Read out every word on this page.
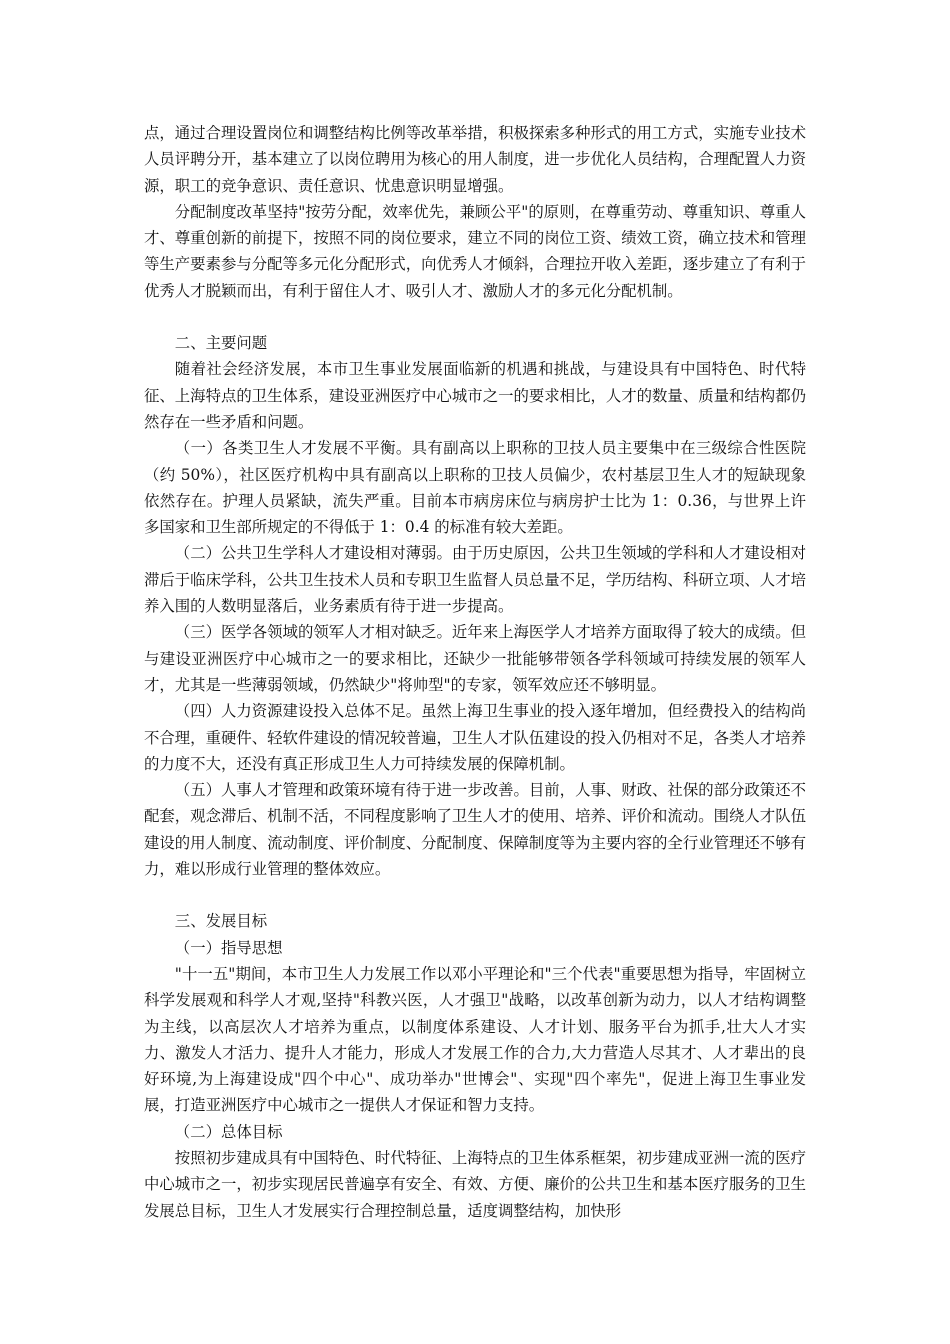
点，通过合理设置岗位和调整结构比例等改革举措，积极探索多种形式的用工方式，实施专业技术人员评聘分开，基本建立了以岗位聘用为核心的用人制度，进一步优化人员结构，合理配置人力资源，职工的竞争意识、责任意识、忧患意识明显增强。

分配制度改革坚持"按劳分配，效率优先，兼顾公平"的原则，在尊重劳动、尊重知识、尊重人才、尊重创新的前提下，按照不同的岗位要求，建立不同的岗位工资、绩效工资，确立技术和管理等生产要素参与分配等多元化分配形式，向优秀人才倾斜，合理拉开收入差距，逐步建立了有利于优秀人才脱颖而出，有利于留住人才、吸引人才、激励人才的多元化分配机制。

二、主要问题

随着社会经济发展，本市卫生事业发展面临新的机遇和挑战，与建设具有中国特色、时代特征、上海特点的卫生体系，建设亚洲医疗中心城市之一的要求相比，人才的数量、质量和结构都仍然存在一些矛盾和问题。

（一）各类卫生人才发展不平衡。具有副高以上职称的卫技人员主要集中在三级综合性医院（约 50%），社区医疗机构中具有副高以上职称的卫技人员偏少，农村基层卫生人才的短缺现象依然存在。护理人员紧缺，流失严重。目前本市病房床位与病房护士比为 1：0.36，与世界上许多国家和卫生部所规定的不得低于 1：0.4 的标准有较大差距。

（二）公共卫生学科人才建设相对薄弱。由于历史原因，公共卫生领域的学科和人才建设相对滞后于临床学科，公共卫生技术人员和专职卫生监督人员总量不足，学历结构、科研立项、人才培养入围的人数明显落后，业务素质有待于进一步提高。

（三）医学各领域的领军人才相对缺乏。近年来上海医学人才培养方面取得了较大的成绩。但与建设亚洲医疗中心城市之一的要求相比，还缺少一批能够带领各学科领域可持续发展的领军人才，尤其是一些薄弱领域，仍然缺少"将帅型"的专家，领军效应还不够明显。

（四）人力资源建设投入总体不足。虽然上海卫生事业的投入逐年增加，但经费投入的结构尚不合理，重硬件、轻软件建设的情况较普遍，卫生人才队伍建设的投入仍相对不足，各类人才培养的力度不大，还没有真正形成卫生人力可持续发展的保障机制。

（五）人事人才管理和政策环境有待于进一步改善。目前，人事、财政、社保的部分政策还不配套，观念滞后、机制不活，不同程度影响了卫生人才的使用、培养、评价和流动。围绕人才队伍建设的用人制度、流动制度、评价制度、分配制度、保障制度等为主要内容的全行业管理还不够有力，难以形成行业管理的整体效应。

三、发展目标

（一）指导思想

"十一五"期间，本市卫生人力发展工作以邓小平理论和"三个代表"重要思想为指导，牢固树立科学发展观和科学人才观,坚持"科教兴医，人才强卫"战略，以改革创新为动力，以人才结构调整为主线，以高层次人才培养为重点，以制度体系建设、人才计划、服务平台为抓手,壮大人才实力、激发人才活力、提升人才能力，形成人才发展工作的合力,大力营造人尽其才、人才辈出的良好环境,为上海建设成"四个中心"、成功举办"世博会"、实现"四个率先"，促进上海卫生事业发展，打造亚洲医疗中心城市之一提供人才保证和智力支持。

（二）总体目标

按照初步建成具有中国特色、时代特征、上海特点的卫生体系框架，初步建成亚洲一流的医疗中心城市之一，初步实现居民普遍享有安全、有效、方便、廉价的公共卫生和基本医疗服务的卫生发展总目标，卫生人才发展实行合理控制总量，适度调整结构，加快形
